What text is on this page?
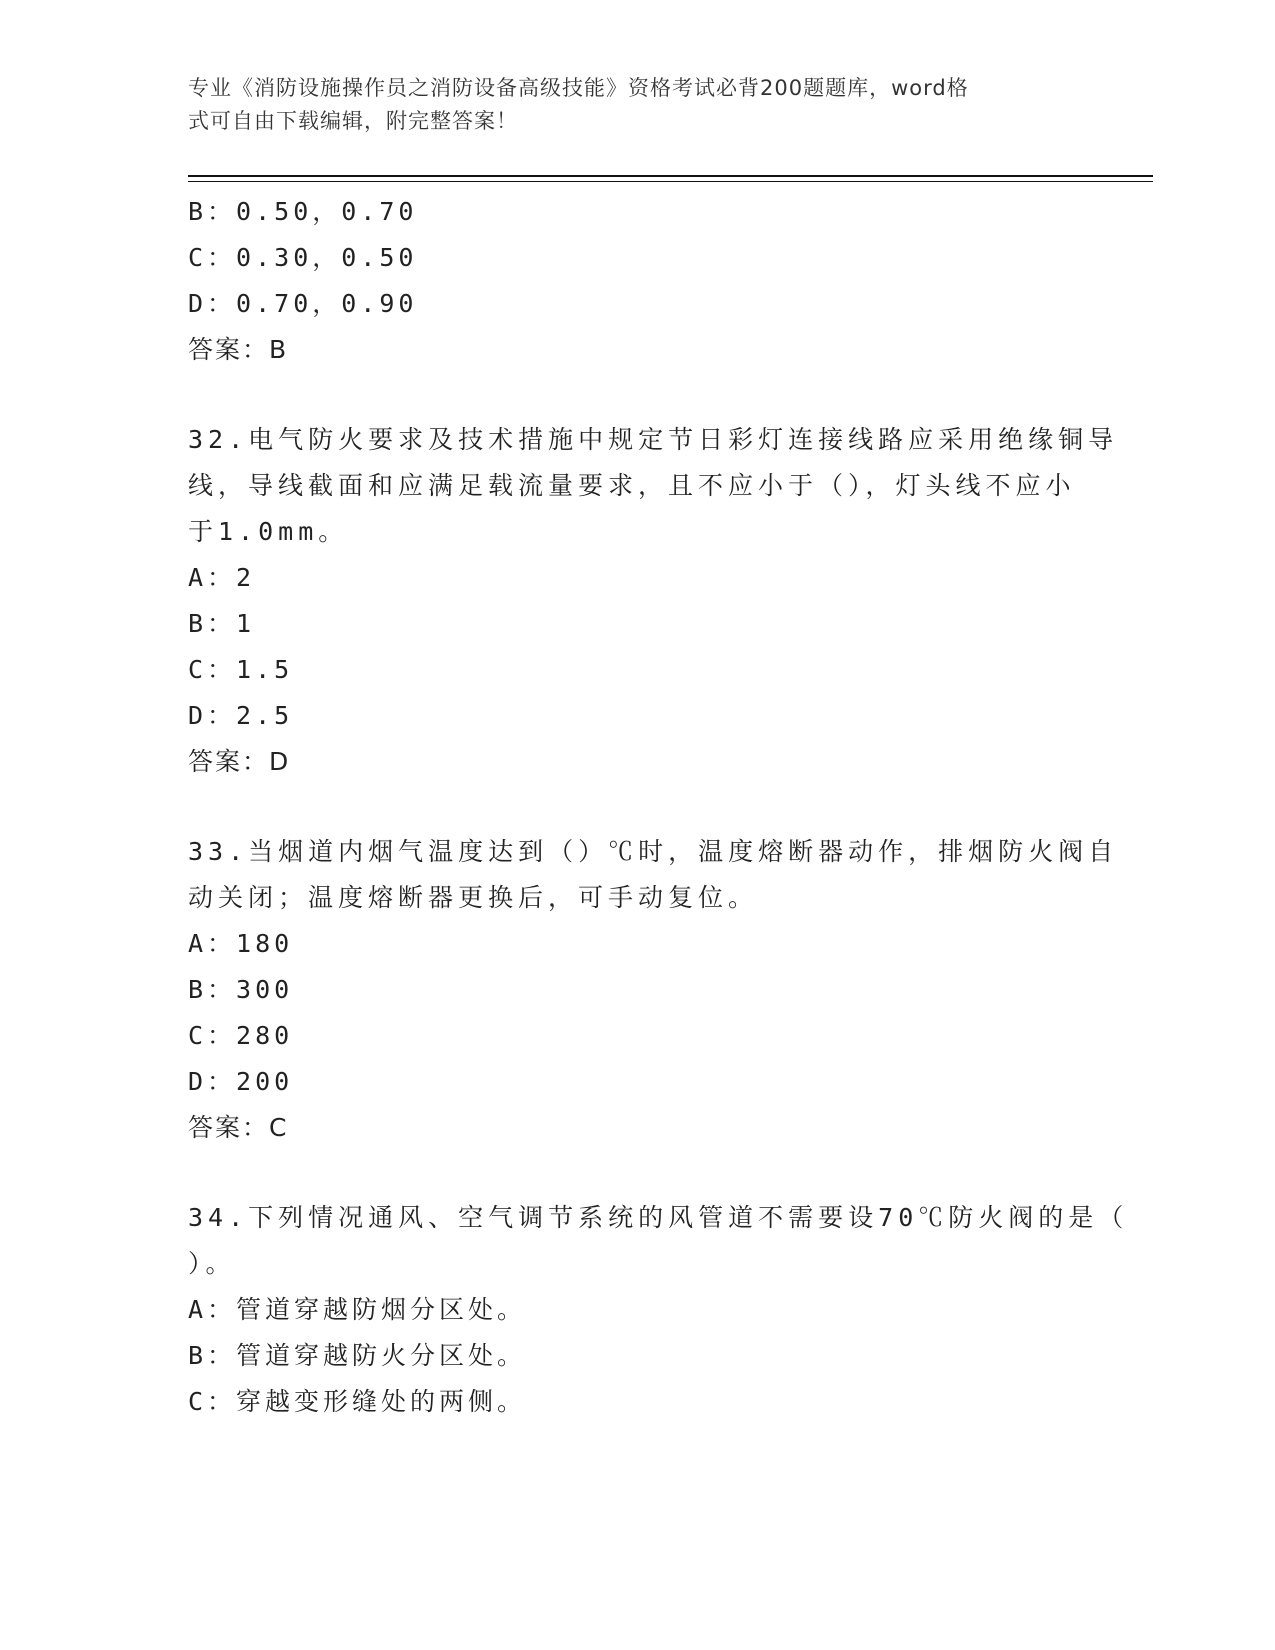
专业《消防设施操作员之消防设备高级技能》资格考试必背200题题库，word格
式可自由下载编辑，附完整答案！
B：0.50，0.70
C：0.30，0.50
D：0.70，0.90
答案：B
32.电气防火要求及技术措施中规定节日彩灯连接线路应采用绝缘铜导
线，导线截面和应满足载流量要求，且不应小于（），灯头线不应小
于1.0mm。
A：2
B：1
C：1.5
D：2.5
答案：D
33.当烟道内烟气温度达到（）℃时，温度熔断器动作，排烟防火阀自
动关闭；温度熔断器更换后，可手动复位。
A：180
B：300
C：280
D：200
答案：C
34.下列情况通风、空气调节系统的风管道不需要设70℃防火阀的是（
）。
A：管道穿越防烟分区处。
B：管道穿越防火分区处。
C：穿越变形缝处的两侧。
